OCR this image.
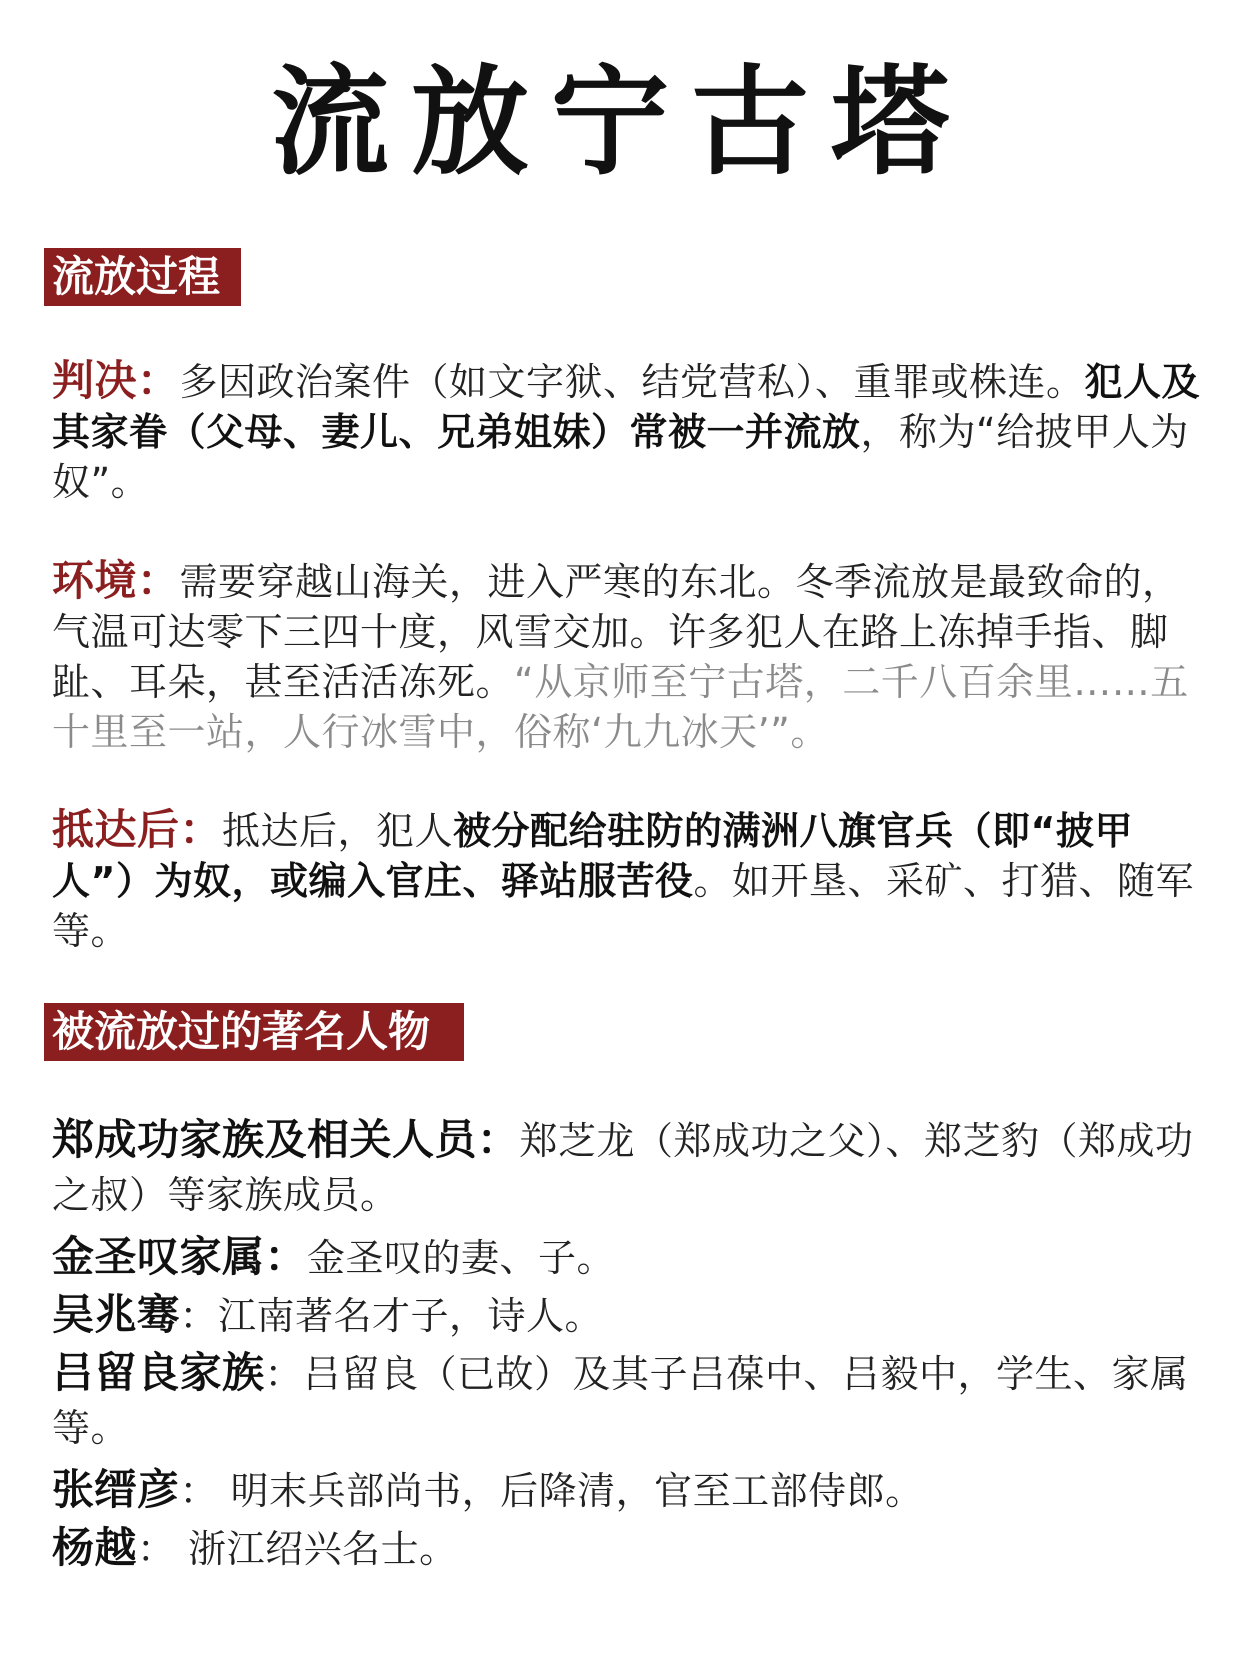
流放宁古塔
流放过程
判决：多因政治案件（如文字狱、结党营私）、重罪或株连。犯人及其家眷（父母、妻儿、兄弟姐妹）常被一并流放，称为“给披甲人为奴”。
环境：需要穿越山海关，进入严寒的东北。冬季流放是最致命的，气温可达零下三四十度，风雪交加。许多犯人在路上冻掉手指、脚趾、耳朵，甚至活活冻死。“从京师至宁古塔，二千八百余里……五十里至一站，人行冰雪中，俗称‘九九冰天’”。
抵达后：抵达后，犯人被分配给驻防的满洲八旗官兵（即“披甲人”）为奴，或编入官庄、驿站服苦役。如开垦、采矿、打猎、随军等。
被流放过的著名人物
郑成功家族及相关人员：郑芝龙（郑成功之父）、郑芝豹（郑成功之叔）等家族成员。
金圣叹家属：金圣叹的妻、子。
吴兆骞：江南著名才子，诗人。
吕留良家族：吕留良（已故）及其子吕葆中、吕毅中，学生、家属等。
张缙彦： 明末兵部尚书，后降清，官至工部侍郎。
杨越： 浙江绍兴名士。
